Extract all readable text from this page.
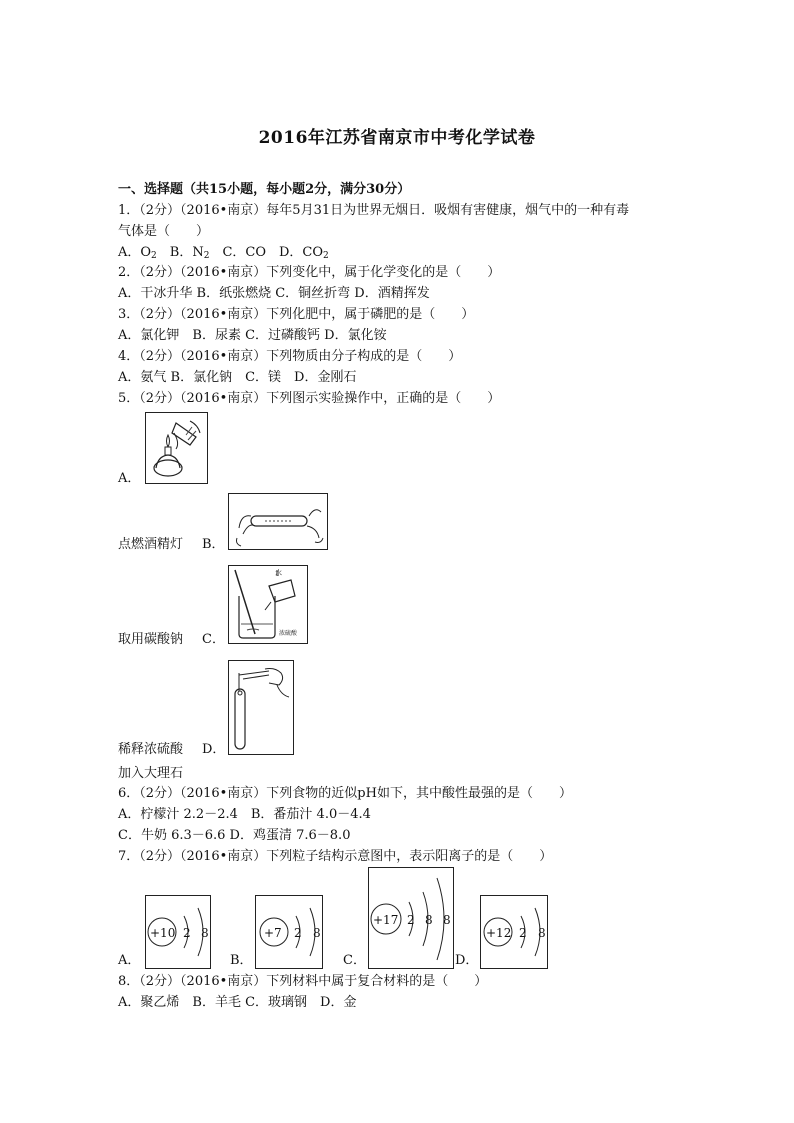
2016年江苏省南京市中考化学试卷
一、选择题（共15小题，每小题2分，满分30分）
1．（2分）（2016•南京）每年5月31日为世界无烟日．吸烟有害健康，烟气中的一种有毒
气体是（　　）
A．$O_2$　B．$N_2$　C．CO　D．$CO_2$
2．（2分）（2016•南京）下列变化中，属于化学变化的是（　　）
A．干冰升华 B．纸张燃烧 C．铜丝折弯 D．酒精挥发
3．（2分）（2016•南京）下列化肥中，属于磷肥的是（　　）
A．氯化钾　B．尿素 C．过磷酸钙 D．氯化铵
4．（2分）（2016•南京）下列物质由分子构成的是（　　）
A．氨气 B．氯化钠　C．镁　D．金刚石
5．（2分）（2016•南京）下列图示实验操作中，正确的是（　　）
A．
点燃酒精灯 B．
水
浓硫酸
取用碳酸钠 C．
稀释浓硫酸 D．
加入大理石
6．（2分）（2016•南京）下列食物的近似pH如下，其中酸性最强的是（　　）
A．柠檬汁 2.2－2.4　B．番茄汁 4.0－4.4
C．牛奶 6.3－6.6 D．鸡蛋清 7.6－8.0
7．（2分）（2016•南京）下列粒子结构示意图中，表示阳离子的是（　　）
+10 2 8
A．
+7 2 8
B．
+17 2 8 8
C．
+12 2 8
D．
8．（2分）（2016•南京）下列材料中属于复合材料的是（　　）
A．聚乙烯　B．羊毛 C．玻璃钢　D．金
